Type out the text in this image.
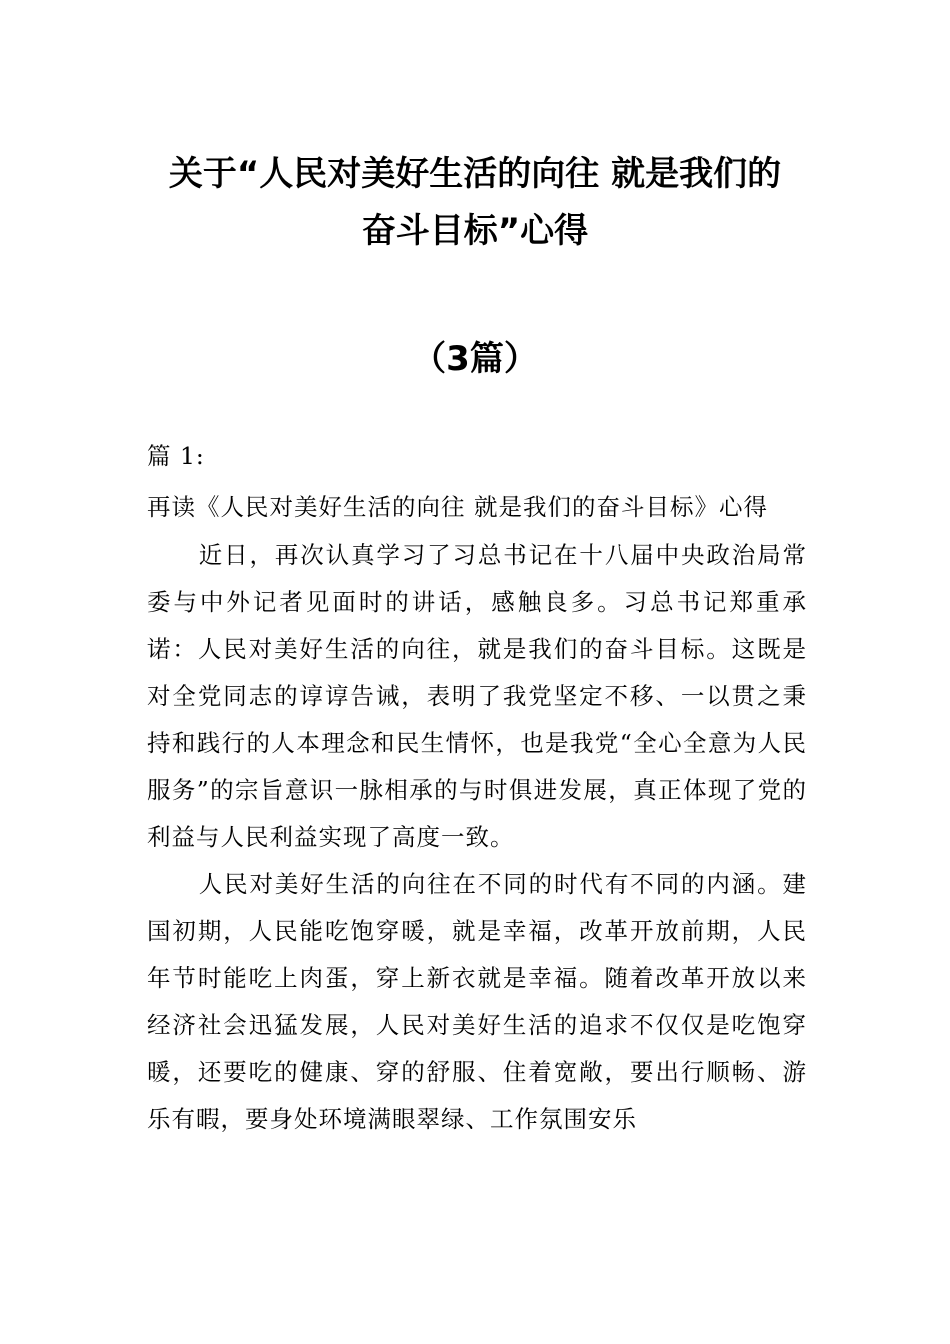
关于“人民对美好生活的向往 就是我们的
奋斗目标”心得
（3篇）
篇 1:
再读《人民对美好生活的向往 就是我们的奋斗目标》心得

近日，再次认真学习了习总书记在十八届中央政治局常委与中外记者见面时的讲话，感触良多。习总书记郑重承诺：人民对美好生活的向往，就是我们的奋斗目标。这既是对全党同志的谆谆告诫，表明了我党坚定不移、一以贯之秉持和践行的人本理念和民生情怀，也是我党“全心全意为人民服务”的宗旨意识一脉相承的与时俱进发展，真正体现了党的利益与人民利益实现了高度一致。

人民对美好生活的向往在不同的时代有不同的内涵。建国初期，人民能吃饱穿暖，就是幸福，改革开放前期，人民年节时能吃上肉蛋，穿上新衣就是幸福。随着改革开放以来经济社会迅猛发展，人民对美好生活的追求不仅仅是吃饱穿暖，还要吃的健康、穿的舒服、住着宽敞，要出行顺畅、游乐有暇，要身处环境满眼翠绿、工作氛围安乐
